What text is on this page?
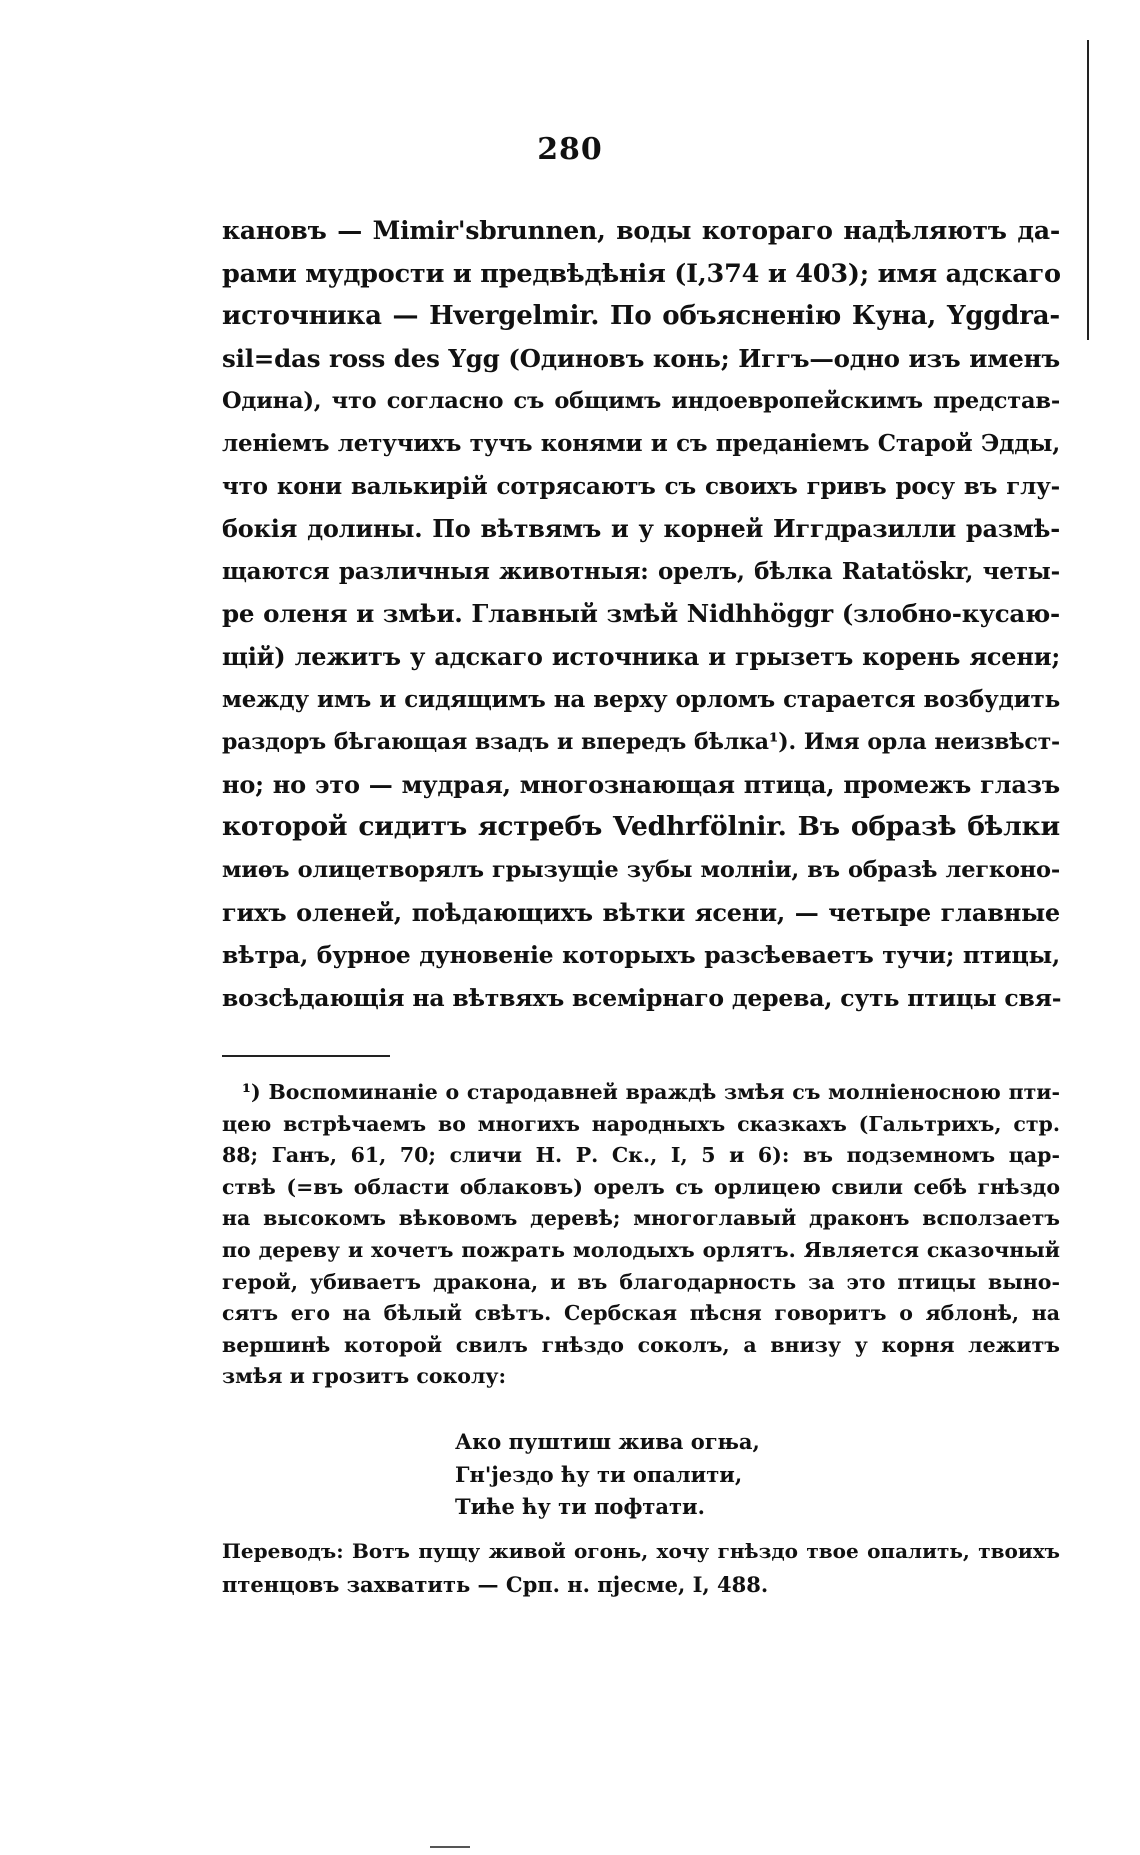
280
кановъ — Mimir'sbrunnen, воды котораго надѣляютъ да-
рами мудрости и предвѣдѣнія (I,374 и 403); имя адскаго
источника — Hvergelmir. По объясненію Куна, Yggdra-
sil=das ross des Ygg (Одиновъ конь; Иггъ—одно изъ именъ
Одина), что согласно съ общимъ индоевропейскимъ представ-
леніемъ летучихъ тучъ конями и съ преданіемъ Старой Эдды,
что кони валькирій сотрясаютъ съ своихъ гривъ росу въ глу-
бокія долины. По вѣтвямъ и у корней Иггдразилли размѣ-
щаются различныя животныя: орелъ, бѣлка Ratatöskr, четы-
ре оленя и змѣи. Главный змѣй Nidhhöggr (злобно-кусаю-
щій) лежитъ у адскаго источника и грызетъ корень ясени;
между имъ и сидящимъ на верху орломъ старается возбудить
раздоръ бѣгающая взадъ и впередъ бѣлка¹). Имя орла неизвѣст-
но; но это — мудрая, многознающая птица, промежъ глазъ
которой сидитъ ястребъ Vedhrfölnir. Въ образѣ бѣлки
миѳъ олицетворялъ грызущіе зубы молніи, въ образѣ легконо-
гихъ оленей, поѣдающихъ вѣтки ясени, — четыре главные
вѣтра, бурное дуновеніе которыхъ разсѣеваетъ тучи; птицы,
возсѣдающія на вѣтвяхъ всемірнаго дерева, суть птицы свя-
¹) Воспоминаніе о стародавней враждѣ змѣя съ молніеносною пти-
цею встрѣчаемъ во многихъ народныхъ сказкахъ (Гальтрихъ, стр.
88; Ганъ, 61, 70; сличи Н. Р. Ск., I, 5 и 6): въ подземномъ цар-
ствѣ (=въ области облаковъ) орелъ съ орлицею свили себѣ гнѣздо
на высокомъ вѣковомъ деревѣ; многоглавый драконъ всползаетъ
по дереву и хочетъ пожрать молодыхъ орлятъ. Является сказочный
герой, убиваетъ дракона, и въ благодарность за это птицы выно-
сятъ его на бѣлый свѣтъ. Сербская пѣсня говоритъ о яблонѣ, на
вершинѣ которой свилъ гнѣздо соколъ, а внизу у корня лежитъ
змѣя и грозитъ соколу:
Ако пуштиш жива огња,
Гн'јездо ћу ти опалити,
Тиће ћу ти пофтати.
Переводъ: Вотъ пущу живой огонь, хочу гнѣздо твое опалить, твоихъ
птенцовъ захватить — Срп. н. пјесме, I, 488.
